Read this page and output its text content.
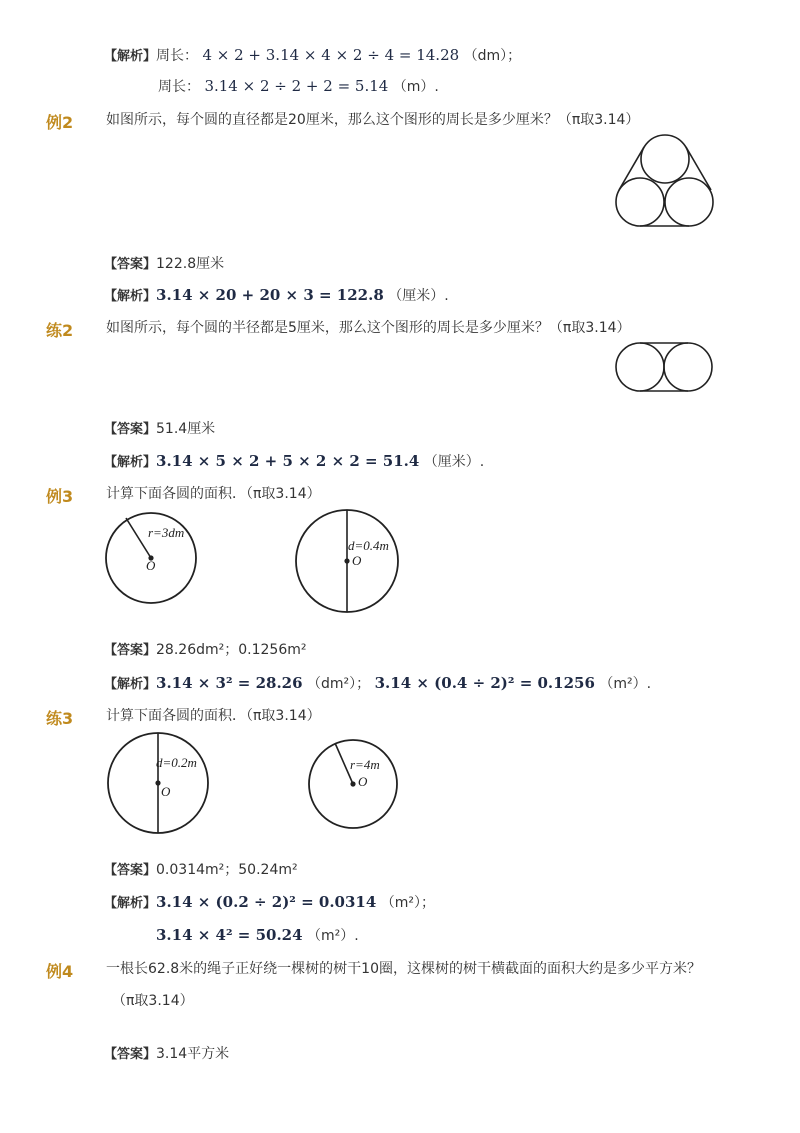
【解析】周长： 4 × 2 + 3.14 × 4 × 2 ÷ 4 = 14.28 （dm）；
周长： 3.14 × 2 ÷ 2 + 2 = 5.14 （m）.
例2 如图所示，每个圆的直径都是20厘米，那么这个图形的周长是多少厘米？（π取3.14）
【答案】122.8厘米
【解析】3.14 × 20 + 20 × 3 = 122.8 （厘米）.
练2 如图所示，每个圆的半径都是5厘米，那么这个图形的周长是多少厘米？（π取3.14）
【答案】51.4厘米
【解析】3.14 × 5 × 2 + 5 × 2 × 2 = 51.4 （厘米）.
例3 计算下面各圆的面积．（π取3.14）
r=3dm
O
d=0.4m
O
【答案】28.26dm²；0.1256m²
【解析】3.14 × 3² = 28.26 （dm²）； 3.14 × (0.4 ÷ 2)² = 0.1256 （m²）.
练3 计算下面各圆的面积．（π取3.14）
d=0.2m
O
r=4m
O
【答案】0.0314m²；50.24m²
【解析】3.14 × (0.2 ÷ 2)² = 0.0314 （m²）；
3.14 × 4² = 50.24 （m²）.
例4 一根长62.8米的绳子正好绕一棵树的树干10圈，这棵树的树干横截面的面积大约是多少平方米？
（π取3.14）
【答案】3.14平方米
